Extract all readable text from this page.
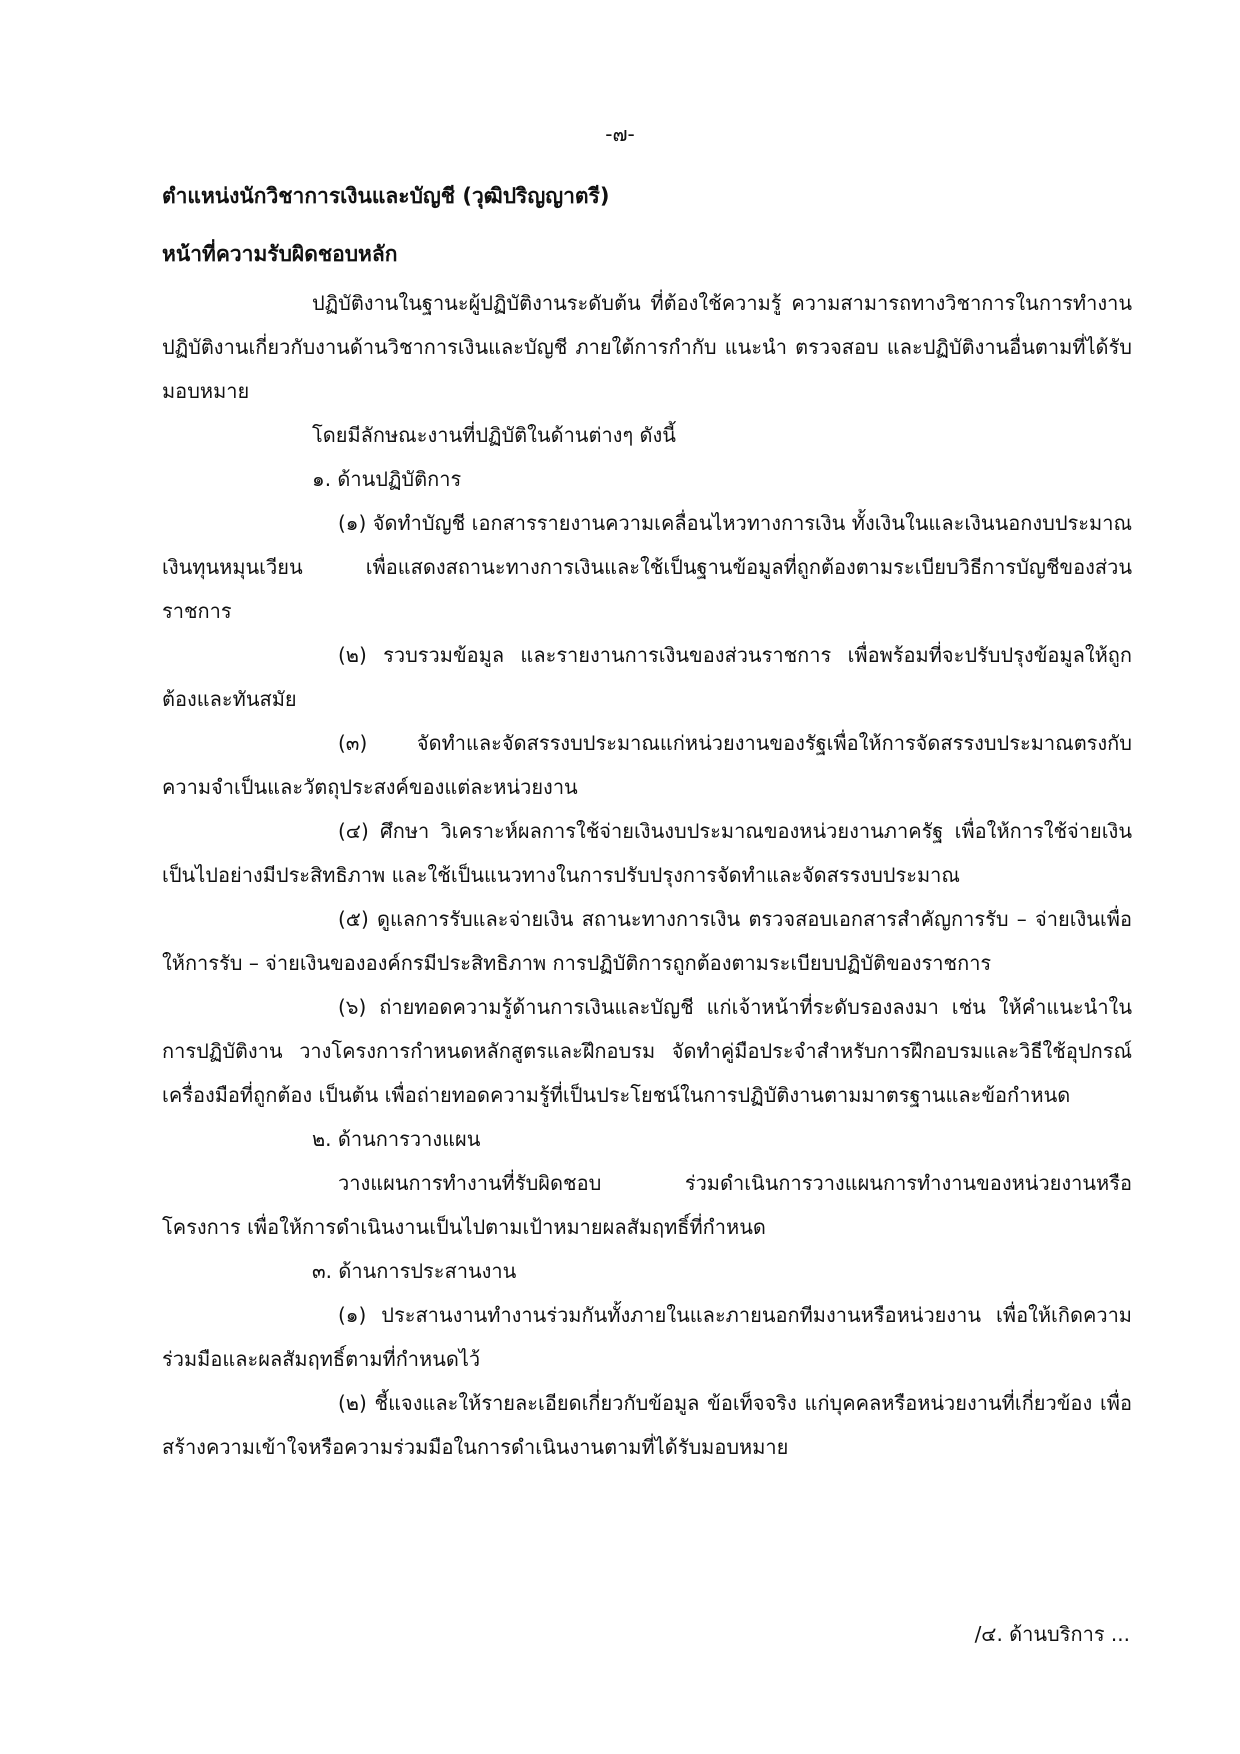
-๗-
ตำแหน่งนักวิชาการเงินและบัญชี (วุฒิปริญญาตรี)
หน้าที่ความรับผิดชอบหลัก

ปฏิบัติงานในฐานะผู้ปฏิบัติงานระดับต้น ที่ต้องใช้ความรู้ ความสามารถทางวิชาการในการทำงาน ปฏิบัติงานเกี่ยวกับงานด้านวิชาการเงินและบัญชี ภายใต้การกำกับ แนะนำ ตรวจสอบ และปฏิบัติงานอื่นตามที่ได้รับมอบหมาย

โดยมีลักษณะงานที่ปฏิบัติในด้านต่างๆ ดังนี้

๑. ด้านปฏิบัติการ

(๑) จัดทำบัญชี เอกสารรายงานความเคลื่อนไหวทางการเงิน ทั้งเงินในและเงินนอกงบประมาณ เงินทุนหมุนเวียน เพื่อแสดงสถานะทางการเงินและใช้เป็นฐานข้อมูลที่ถูกต้องตามระเบียบวิธีการบัญชีของส่วนราชการ

(๒) รวบรวมข้อมูล และรายงานการเงินของส่วนราชการ เพื่อพร้อมที่จะปรับปรุงข้อมูลให้ถูกต้องและทันสมัย

(๓) จัดทำและจัดสรรงบประมาณแก่หน่วยงานของรัฐเพื่อให้การจัดสรรงบประมาณตรงกับความจำเป็นและวัตถุประสงค์ของแต่ละหน่วยงาน

(๔) ศึกษา วิเคราะห์ผลการใช้จ่ายเงินงบประมาณของหน่วยงานภาครัฐ เพื่อให้การใช้จ่ายเงินเป็นไปอย่างมีประสิทธิภาพ และใช้เป็นแนวทางในการปรับปรุงการจัดทำและจัดสรรงบประมาณ

(๕) ดูแลการรับและจ่ายเงิน สถานะทางการเงิน ตรวจสอบเอกสารสำคัญการรับ – จ่ายเงินเพื่อให้การรับ – จ่ายเงินขององค์กรมีประสิทธิภาพ การปฏิบัติการถูกต้องตามระเบียบปฏิบัติของราชการ

(๖) ถ่ายทอดความรู้ด้านการเงินและบัญชี แก่เจ้าหน้าที่ระดับรองลงมา เช่น ให้คำแนะนำในการปฏิบัติงาน วางโครงการกำหนดหลักสูตรและฝึกอบรม จัดทำคู่มือประจำสำหรับการฝึกอบรมและวิธีใช้อุปกรณ์เครื่องมือที่ถูกต้อง เป็นต้น เพื่อถ่ายทอดความรู้ที่เป็นประโยชน์ในการปฏิบัติงานตามมาตรฐานและข้อกำหนด

๒. ด้านการวางแผน

วางแผนการทำงานที่รับผิดชอบ ร่วมดำเนินการวางแผนการทำงานของหน่วยงานหรือโครงการ เพื่อให้การดำเนินงานเป็นไปตามเป้าหมายผลสัมฤทธิ์ที่กำหนด

๓. ด้านการประสานงาน

(๑) ประสานงานทำงานร่วมกันทั้งภายในและภายนอกทีมงานหรือหน่วยงาน เพื่อให้เกิดความร่วมมือและผลสัมฤทธิ์ตามที่กำหนดไว้

(๒) ชี้แจงและให้รายละเอียดเกี่ยวกับข้อมูล ข้อเท็จจริง แก่บุคคลหรือหน่วยงานที่เกี่ยวข้อง เพื่อสร้างความเข้าใจหรือความร่วมมือในการดำเนินงานตามที่ได้รับมอบหมาย

/๔. ด้านบริการ ...
